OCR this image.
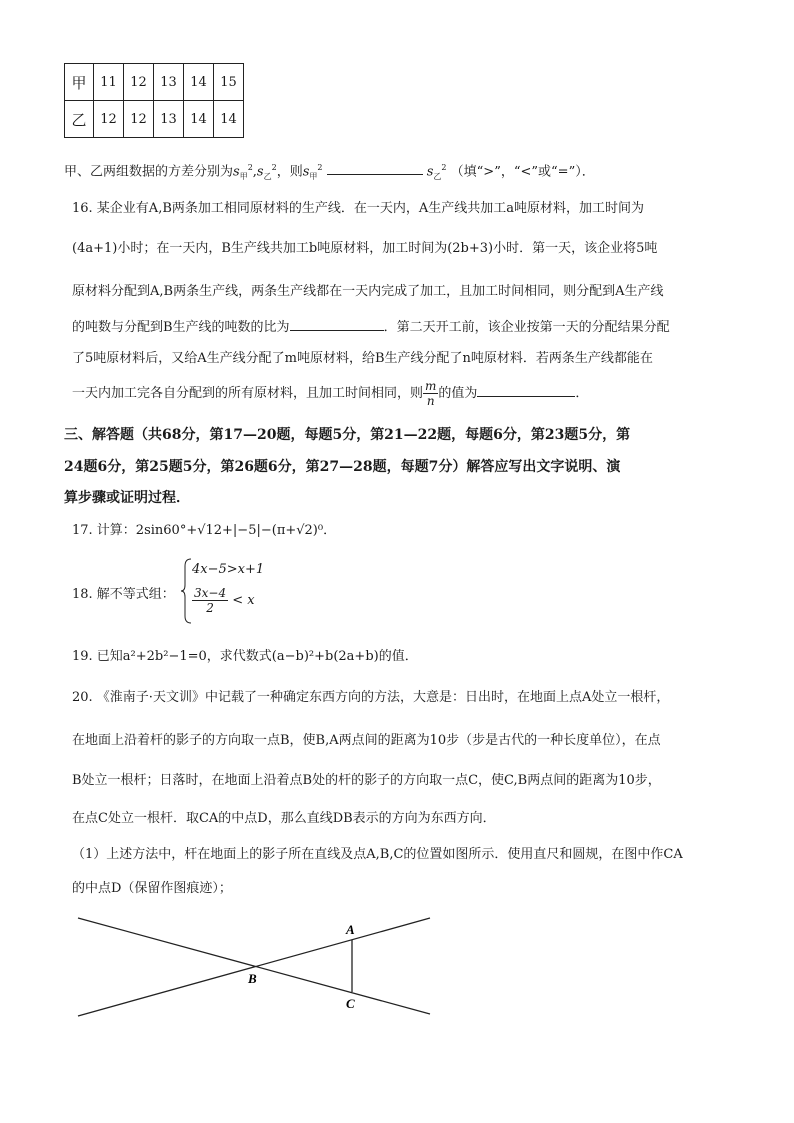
甲	11	12	13	14	15
乙	12	12	13	14	14
甲、乙两组数据的方差分别为$s_甲^2,s_乙^2$，则$s_甲^2$	$s_乙^2$ （填“>”，“<”或“=”）．
16. 某企业有A,B两条加工相同原材料的生产线．在一天内，A生产线共加工a吨原材料，加工时间为
(4a+1)小时；在一天内，B生产线共加工b吨原材料，加工时间为(2b+3)小时．第一天，该企业将5吨
原材料分配到A,B两条生产线，两条生产线都在一天内完成了加工，且加工时间相同，则分配到A生产线
的吨数与分配到B生产线的吨数的比为	．第二天开工前，该企业按第一天的分配结果分配
了5吨原材料后，又给A生产线分配了m吨原材料，给B生产线分配了n吨原材料．若两条生产线都能在
一天内加工完各自分配到的所有原材料，且加工时间相同，则 $\frac{m}{n}$ 的值为	．
三、解答题（共68分，第17—20题，每题5分，第21—22题，每题6分，第23题5分，第
24题6分，第25题5分，第26题6分，第27—28题，每题7分）解答应写出文字说明、演
算步骤或证明过程．
17. 计算：2sin60°+√12+|−5|−(π+√2)⁰．
18. 解不等式组：
4x−5>x+1
$\frac{3x-4}{2} < x$
19. 已知a²+2b²−1=0，求代数式(a−b)²+b(2a+b)的值．
20. 《淮南子·天文训》中记载了一种确定东西方向的方法，大意是：日出时，在地面上点A处立一根杆，
在地面上沿着杆的影子的方向取一点B，使B,A两点间的距离为10步（步是古代的一种长度单位），在点
B处立一根杆；日落时，在地面上沿着点B处的杆的影子的方向取一点C，使C,B两点间的距离为10步，
在点C处立一根杆．取CA的中点D，那么直线DB表示的方向为东西方向．
（1）上述方法中，杆在地面上的影子所在直线及点A,B,C的位置如图所示．使用直尺和圆规，在图中作CA
的中点D（保留作图痕迹）；
A
B
C
